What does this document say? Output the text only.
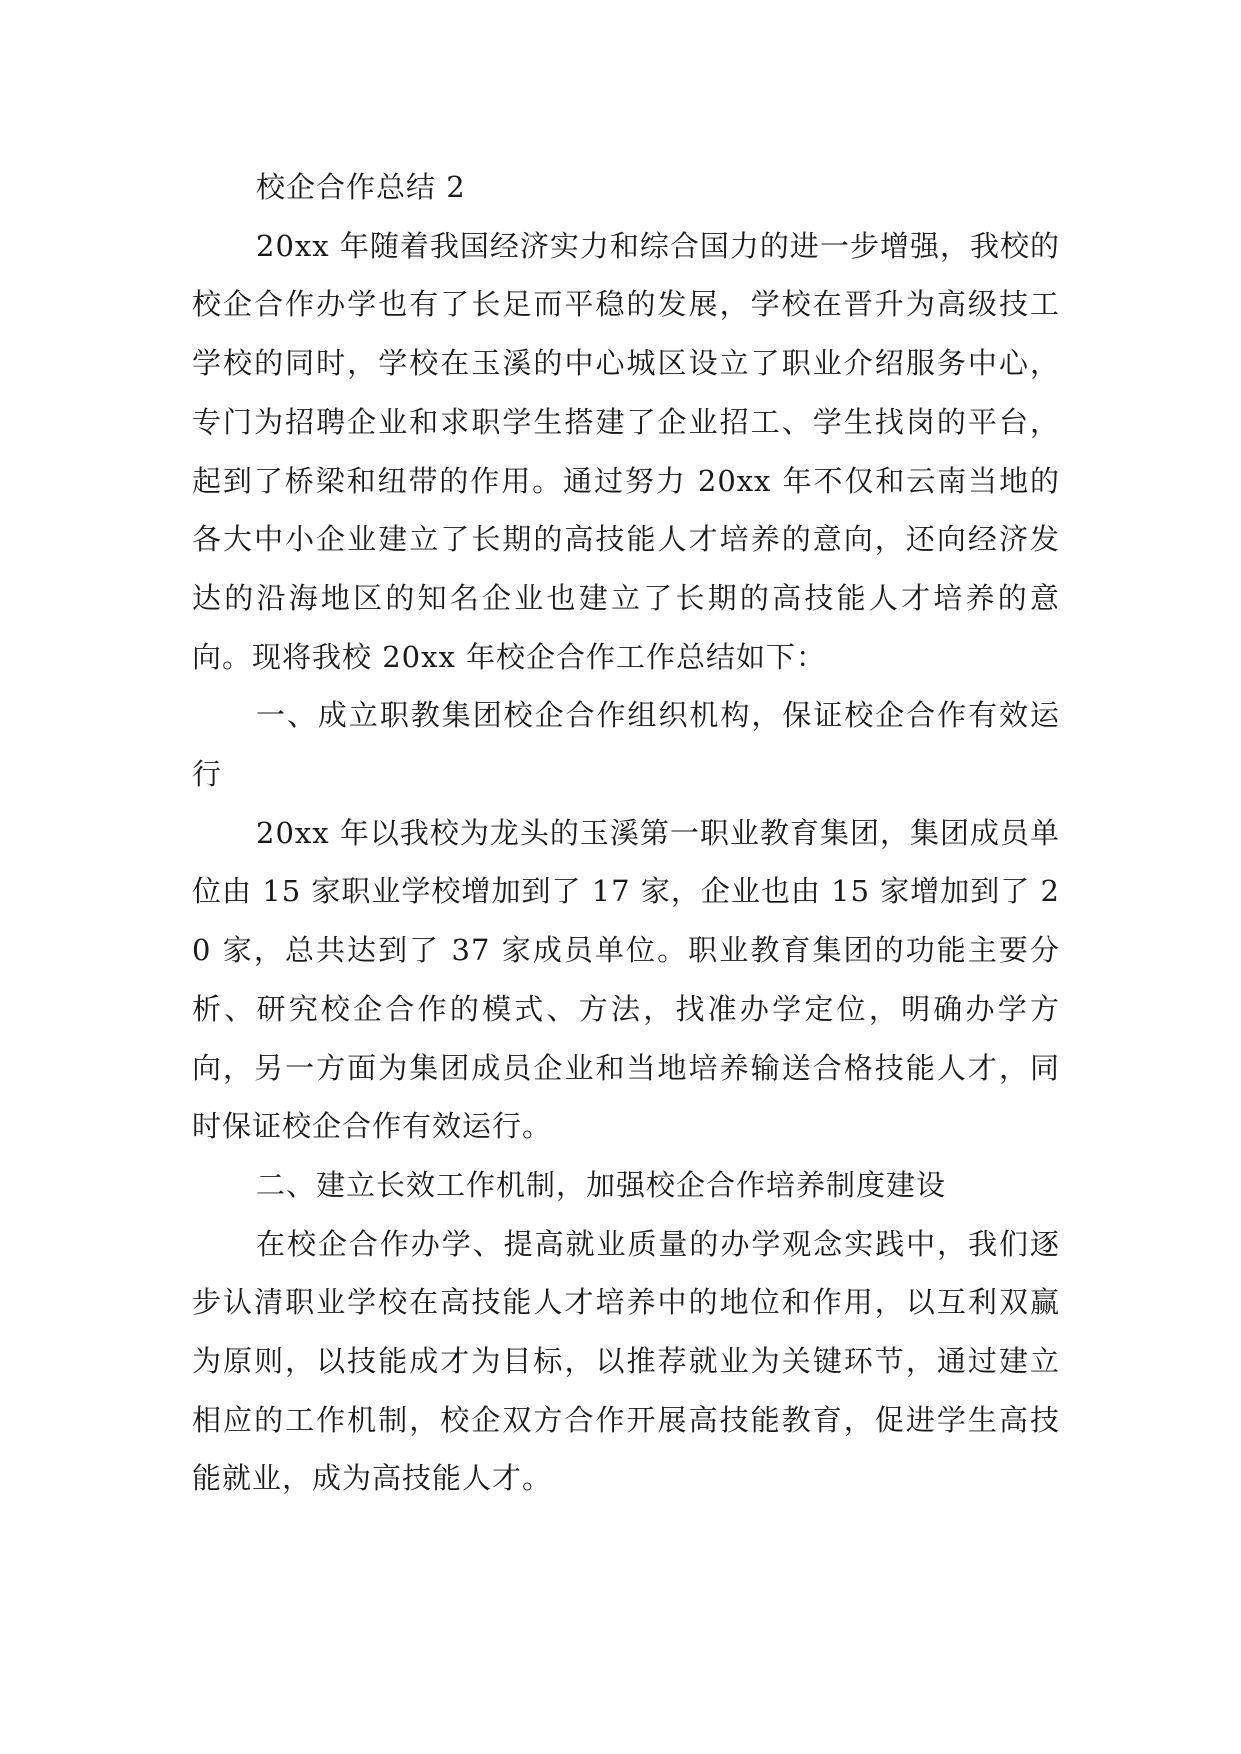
校企合作总结 2

20xx 年随着我国经济实力和综合国力的进一步增强，我校的校企合作办学也有了长足而平稳的发展，学校在晋升为高级技工学校的同时，学校在玉溪的中心城区设立了职业介绍服务中心，专门为招聘企业和求职学生搭建了企业招工、学生找岗的平台，起到了桥梁和纽带的作用。通过努力 20xx 年不仅和云南当地的各大中小企业建立了长期的高技能人才培养的意向，还向经济发达的沿海地区的知名企业也建立了长期的高技能人才培养的意向。现将我校 20xx 年校企合作工作总结如下：

一、成立职教集团校企合作组织机构，保证校企合作有效运行

20xx 年以我校为龙头的玉溪第一职业教育集团，集团成员单位由 15 家职业学校增加到了 17 家，企业也由 15 家增加到了 20 家，总共达到了 37 家成员单位。职业教育集团的功能主要分析、研究校企合作的模式、方法，找准办学定位，明确办学方向，另一方面为集团成员企业和当地培养输送合格技能人才，同时保证校企合作有效运行。

二、建立长效工作机制，加强校企合作培养制度建设

在校企合作办学、提高就业质量的办学观念实践中，我们逐步认清职业学校在高技能人才培养中的地位和作用，以互利双赢为原则，以技能成才为目标，以推荐就业为关键环节，通过建立相应的工作机制，校企双方合作开展高技能教育，促进学生高技能就业，成为高技能人才。
